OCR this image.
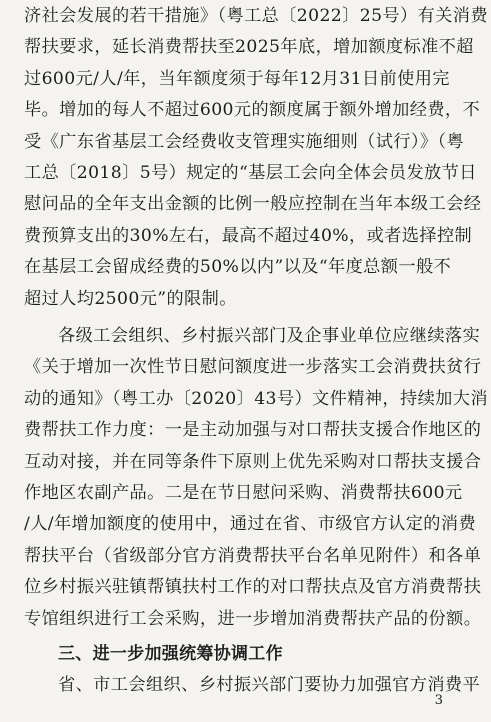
济社会发展的若干措施》（粤工总〔2022〕25号）有关消费
帮扶要求，延长消费帮扶至2025年底，增加额度标准不超
过600元/人/年，当年额度须于每年12月31日前使用完
毕。增加的每人不超过600元的额度属于额外增加经费，不
受《广东省基层工会经费收支管理实施细则（试行）》（粤
工总〔2018〕5号）规定的“基层工会向全体会员发放节日
慰问品的全年支出金额的比例一般应控制在当年本级工会经
费预算支出的30%左右，最高不超过40%，或者选择控制
在基层工会留成经费的50%以内”以及“年度总额一般不
超过人均2500元”的限制。
各级工会组织、乡村振兴部门及企事业单位应继续落实
《关于增加一次性节日慰问额度进一步落实工会消费扶贫行
动的通知》（粤工办〔2020〕43号）文件精神，持续加大消
费帮扶工作力度：一是主动加强与对口帮扶支援合作地区的
互动对接，并在同等条件下原则上优先采购对口帮扶支援合
作地区农副产品。二是在节日慰问采购、消费帮扶600元
/人/年增加额度的使用中，通过在省、市级官方认定的消费
帮扶平台（省级部分官方消费帮扶平台名单见附件）和各单
位乡村振兴驻镇帮镇扶村工作的对口帮扶点及官方消费帮扶
专馆组织进行工会采购，进一步增加消费帮扶产品的份额。
3
三、进一步加强统筹协调工作
省、市工会组织、乡村振兴部门要协力加强官方消费平
